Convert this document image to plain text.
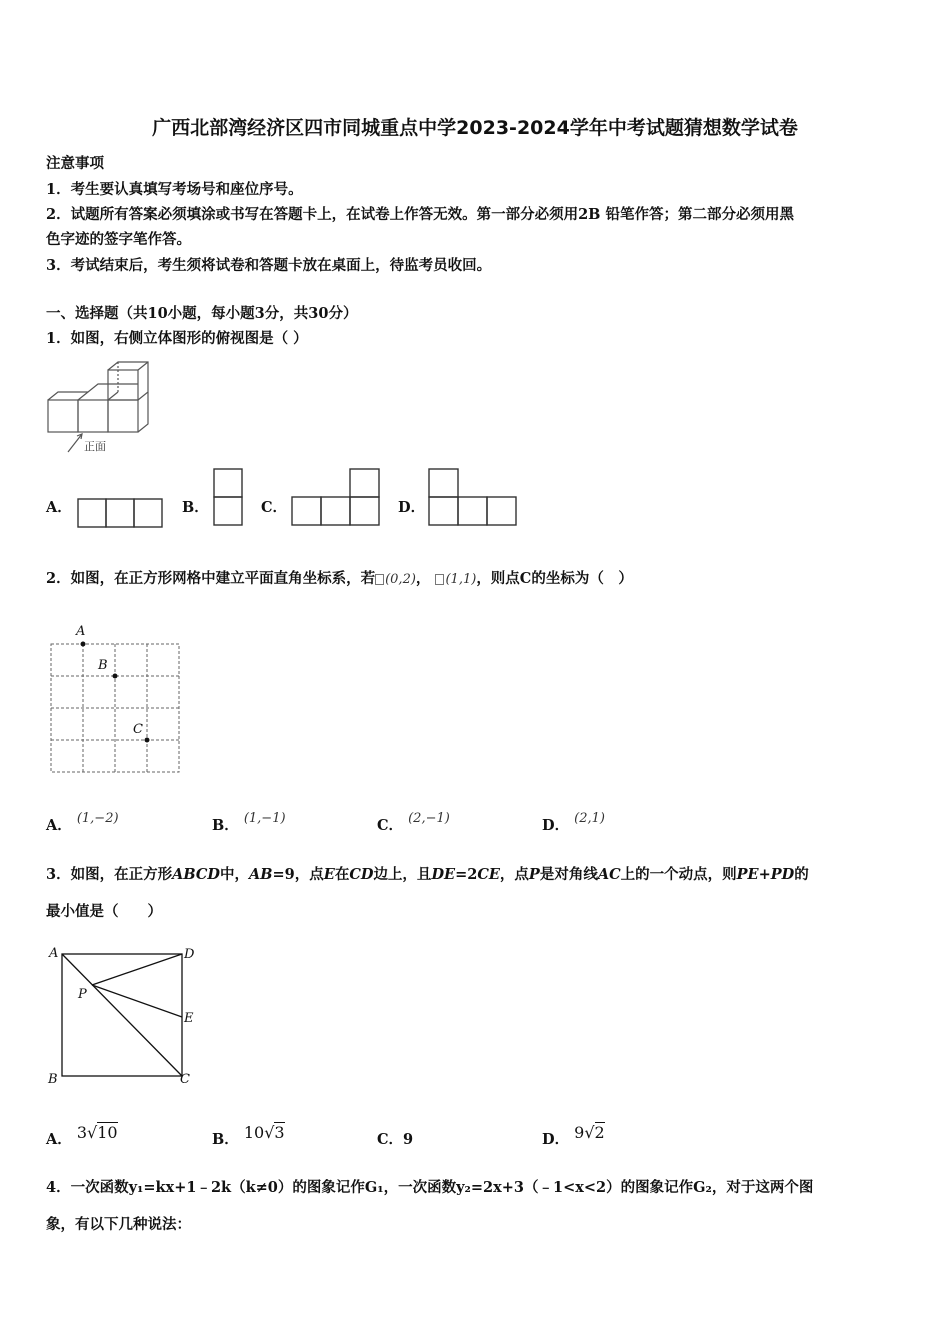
广西北部湾经济区四市同城重点中学2023-2024学年中考试题猜想数学试卷
注意事项
1．考生要认真填写考场号和座位序号。
2．试题所有答案必须填涂或书写在答题卡上，在试卷上作答无效。第一部分必须用2B 铅笔作答；第二部分必须用黑
色字迹的签字笔作答。
3．考试结束后，考生须将试卷和答题卡放在桌面上，待监考员收回。
一、选择题（共10小题，每小题3分，共30分）
1．如图，右侧立体图形的俯视图是（ ）
正面
A．	B．	C．	D．
2．如图，在正方形网格中建立平面直角坐标系，若 (0,2)， (1,1)，则点C的坐标为（　）
A
B
C
A． (1,−2)	B． (1,−1)	C． (2,−1)	D． (2,1)
3．如图，在正方形ABCD中，AB=9，点E在CD边上，且DE=2CE，点P是对角线AC上的一个动点，则PE+PD的
最小值是（　　）
A	D
P
E
B	C
A． 3√10	B． 10√3	C．9	D． 9√2
4．一次函数y₁=kx+1﹣2k（k≠0）的图象记作G₁，一次函数y₂=2x+3（﹣1<x<2）的图象记作G₂，对于这两个图
象，有以下几种说法：
